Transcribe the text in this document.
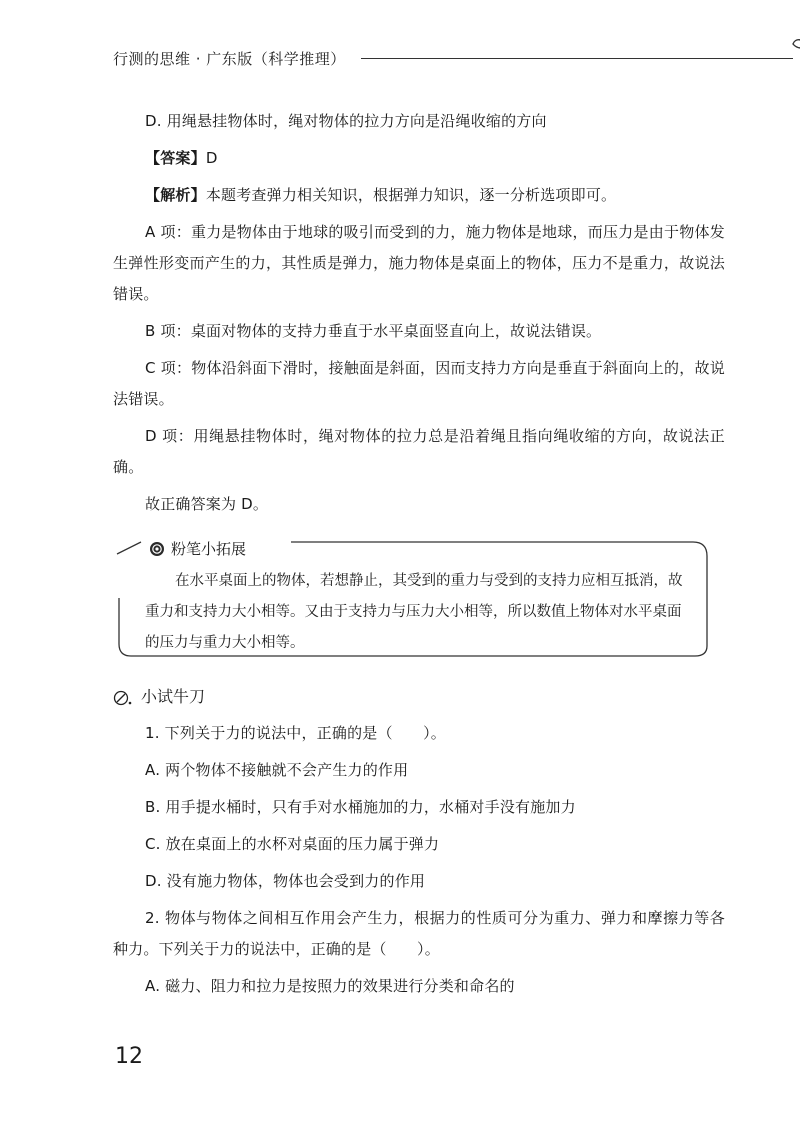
行测的思维 · 广东版（科学推理）

D. 用绳悬挂物体时，绳对物体的拉力方向是沿绳收缩的方向

【答案】D

【解析】本题考查弹力相关知识，根据弹力知识，逐一分析选项即可。

A 项：重力是物体由于地球的吸引而受到的力，施力物体是地球，而压力是由于物体发生弹性形变而产生的力，其性质是弹力，施力物体是桌面上的物体，压力不是重力，故说法错误。

B 项：桌面对物体的支持力垂直于水平桌面竖直向上，故说法错误。

C 项：物体沿斜面下滑时，接触面是斜面，因而支持力方向是垂直于斜面向上的，故说法错误。

D 项：用绳悬挂物体时，绳对物体的拉力总是沿着绳且指向绳收缩的方向，故说法正确。

故正确答案为 D。

粉笔小拓展
在水平桌面上的物体，若想静止，其受到的重力与受到的支持力应相互抵消，故重力和支持力大小相等。又由于支持力与压力大小相等，所以数值上物体对水平桌面的压力与重力大小相等。
小试牛刀

1. 下列关于力的说法中，正确的是（　　）。

A. 两个物体不接触就不会产生力的作用

B. 用手提水桶时，只有手对水桶施加的力，水桶对手没有施加力

C. 放在桌面上的水杯对桌面的压力属于弹力

D. 没有施力物体，物体也会受到力的作用

2. 物体与物体之间相互作用会产生力，根据力的性质可分为重力、弹力和摩擦力等各种力。下列关于力的说法中，正确的是（　　）。

A. 磁力、阻力和拉力是按照力的效果进行分类和命名的

12
